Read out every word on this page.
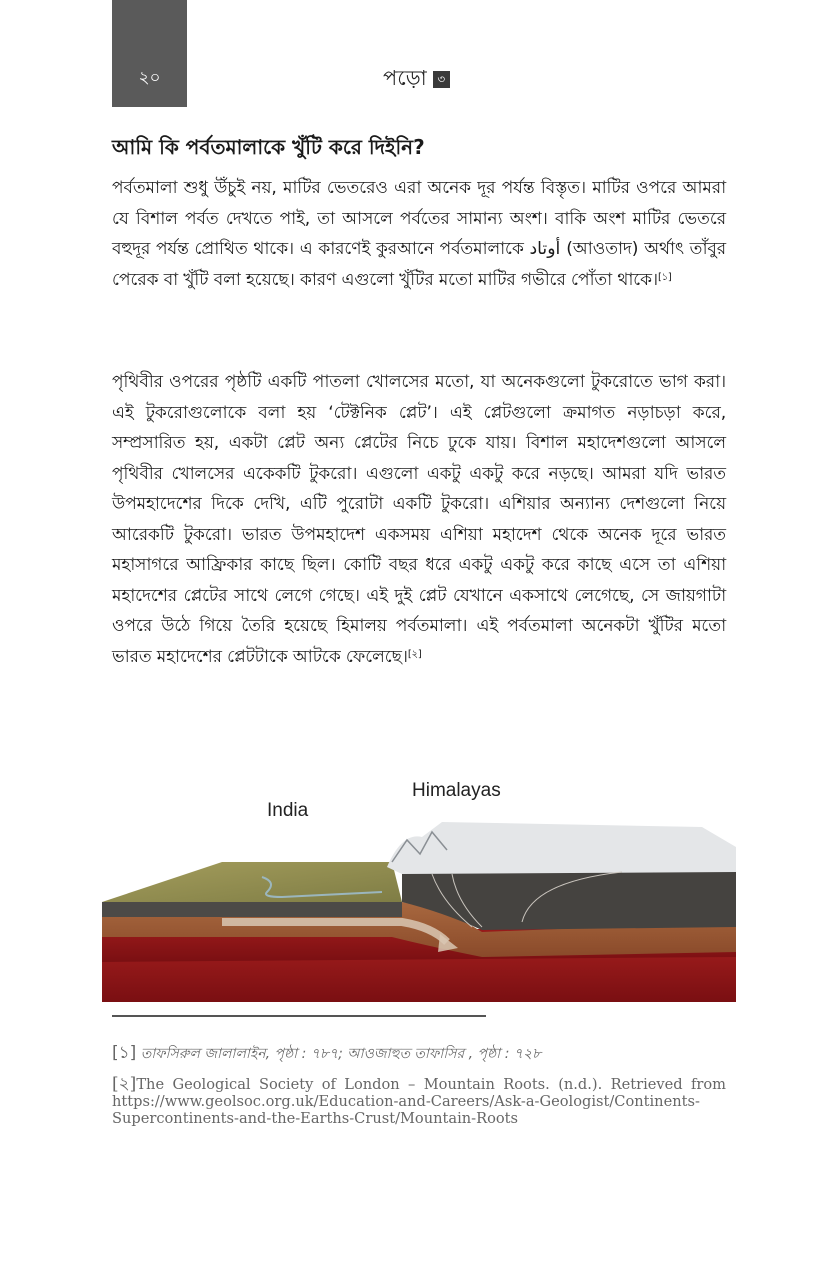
২০	পড়ো ৩
আমি কি পর্বতমালাকে খুঁটি করে দিইনি?

পর্বতমালা শুধু উঁচুই নয়, মাটির ভেতরেও এরা অনেক দূর পর্যন্ত বিস্তৃত। মাটির ওপরে আমরা যে বিশাল পর্বত দেখতে পাই, তা আসলে পর্বতের সামান্য অংশ। বাকি অংশ মাটির ভেতরে বহুদূর পর্যন্ত প্রোথিত থাকে। এ কারণেই কুরআনে পর্বতমালাকে أوتاد (আওতাদ) অর্থাৎ তাঁবুর পেরেক বা খুঁটি বলা হয়েছে। কারণ এগুলো খুঁটির মতো মাটির গভীরে পোঁতা থাকে।[১]

পৃথিবীর ওপরের পৃষ্ঠটি একটি পাতলা খোলসের মতো, যা অনেকগুলো টুকরোতে ভাগ করা। এই টুকরোগুলোকে বলা হয় ‘টেক্টনিক প্লেট’। এই প্লেটগুলো ক্রমাগত নড়াচড়া করে, সম্প্রসারিত হয়, একটা প্লেট অন্য প্লেটের নিচে ঢুকে যায়। বিশাল মহাদেশগুলো আসলে পৃথিবীর খোলসের একেকটি টুকরো। এগুলো একটু একটু করে নড়ছে। আমরা যদি ভারত উপমহাদেশের দিকে দেখি, এটি পুরোটা একটি টুকরো। এশিয়ার অন্যান্য দেশগুলো নিয়ে আরেকটি টুকরো। ভারত উপমহাদেশ একসময় এশিয়া মহাদেশ থেকে অনেক দূরে ভারত মহাসাগরে আফ্রিকার কাছে ছিল। কোটি বছর ধরে একটু একটু করে কাছে এসে তা এশিয়া মহাদেশের প্লেটের সাথে লেগে গেছে। এই দুই প্লেট যেখানে একসাথে লেগেছে, সে জায়গাটা ওপরে উঠে গিয়ে তৈরি হয়েছে হিমালয় পর্বতমালা। এই পর্বতমালা অনেকটা খুঁটির মতো ভারত মহাদেশের প্লেটটাকে আটকে ফেলেছে।[২]

India
Himalayas

[১] তাফসিরুল জালালাইন, পৃষ্ঠা : ৭৮৭; আওজাহুত তাফাসির , পৃষ্ঠা : ৭২৮

[২]The Geological Society of London – Mountain Roots. (n.d.). Retrieved from https://www.geolsoc.org.uk/Education-and-Careers/Ask-a-Geologist/Continents-Supercontinents-and-the-Earths-Crust/Mountain-Roots
